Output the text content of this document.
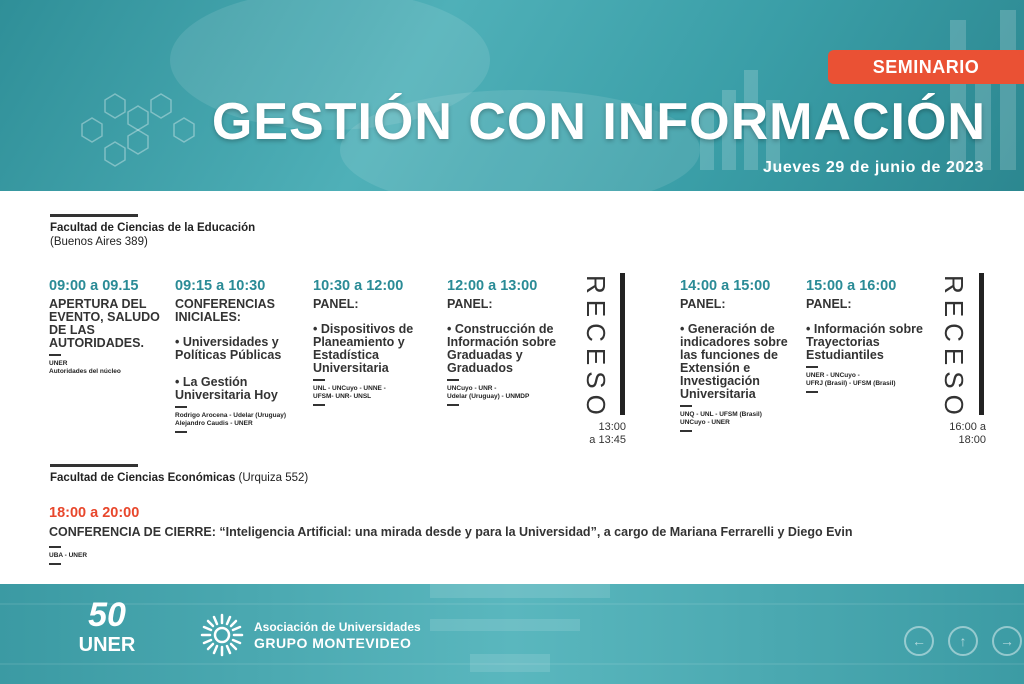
SEMINARIO
GESTIÓN CON INFORMACIÓN
Jueves 29 de junio de 2023
Facultad de Ciencias de la Educación
(Buenos Aires 389)
09:00 a 09.15
APERTURA DEL EVENTO, SALUDO DE LAS AUTORIDADES.
UNER
Autoridades del núcleo
09:15 a 10:30
CONFERENCIAS INICIALES:
• Universidades y Políticas Públicas
• La Gestión Universitaria Hoy
Rodrigo Arocena - Udelar (Uruguay)
Alejandro Caudis - UNER
10:30 a 12:00
PANEL:
• Dispositivos de Planeamiento y Estadística Universitaria
UNL - UNCuyo - UNNE -
UFSM- UNR- UNSL
12:00 a 13:00
PANEL:
• Construcción de Información sobre Graduadas y Graduados
UNCuyo - UNR -
Udelar (Uruguay) - UNMDP	RECESO
13:00
a 13:45
14:00 a 15:00
PANEL:
• Generación de indicadores sobre las funciones de Extensión e Investigación Universitaria
UNQ - UNL - UFSM (Brasil)
UNCuyo - UNER
15:00 a 16:00
PANEL:
• Información sobre Trayectorias Estudiantiles
UNER - UNCuyo -
UFRJ (Brasil) - UFSM (Brasil)	RECESO
16:00 a
18:00
Facultad de Ciencias Económicas (Urquiza 552)
18:00 a 20:00
CONFERENCIA DE CIERRE: “Inteligencia Artificial: una mirada desde y para la Universidad”, a cargo de Mariana Ferrarelli y Diego Evin
UBA - UNER
50
UNER
Asociación de Universidades
GRUPO MONTEVIDEO	←	↑	→
